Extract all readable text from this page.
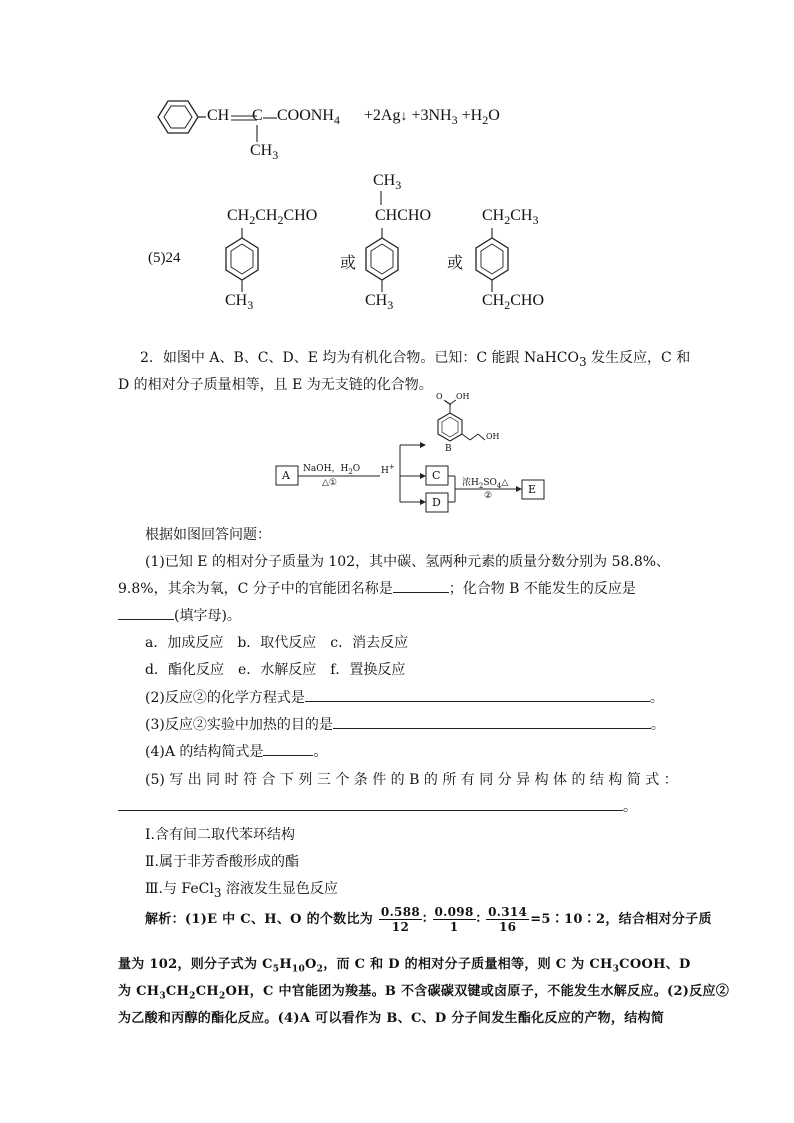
CH C $COONH_4$ +2Ag↓ $+3NH_3 +H_2O$
$CH_3$
(5)24
$CH_2CH_2CHO$
$CH_3$
或
$CH_3$
CHCHO
$CH_3$
或
$CH_2CH_3$
$CH_2CHO$
2．如图中 A、B、C、D、E 均为有机化合物。已知：C 能跟 NaHCO$_3$ 发生反应，C 和
D 的相对分子质量相等，且 E 为无支链的化合物。
A NaOH，$H_2O$
△①
H+
B
OH
OH
O
C
D
浓$H_2SO_4\triangle$
②	E
根据如图回答问题：
(1)已知 E 的相对分子质量为 102，其中碳、氢两种元素的质量分数分别为 58.8%、
9.8%，其余为氧，C 分子中的官能团名称是	；化合物 B 不能发生的反应是
(填字母)。
a．加成反应　b．取代反应　c．消去反应
d．酯化反应　e．水解反应　f．置换反应
(2)反应②的化学方程式是	。
(3)反应②实验中加热的目的是	。
(4)A 的结构简式是	。
(5) 写 出 同 时 符 合 下 列 三 个 条 件 的 B 的 所 有 同 分 异 构 体 的 结 构 简 式 ：
。
Ⅰ.含有间二取代苯环结构
Ⅱ.属于非芳香酸形成的酯
Ⅲ.与 FeCl$_3$ 溶液发生显色反应
解析：(1)E 中 C、H、O 的个数比为 $\frac{0.588}{12}$ ∶ $\frac{0.098}{1}$ ∶ $\frac{0.314}{16}$ =5∶10∶2，结合相对分子质
量为 102，则分子式为 $C_5H_{10}O_2$，而 C 和 D 的相对分子质量相等，则 C 为 $CH_3COOH$、D
为 $CH_3CH_2CH_2OH$，C 中官能团为羧基。B 不含碳碳双键或卤原子，不能发生水解反应。(2)反应②
为乙酸和丙醇的酯化反应。(4)A 可以看作为 B、C、D 分子间发生酯化反应的产物，结构简
